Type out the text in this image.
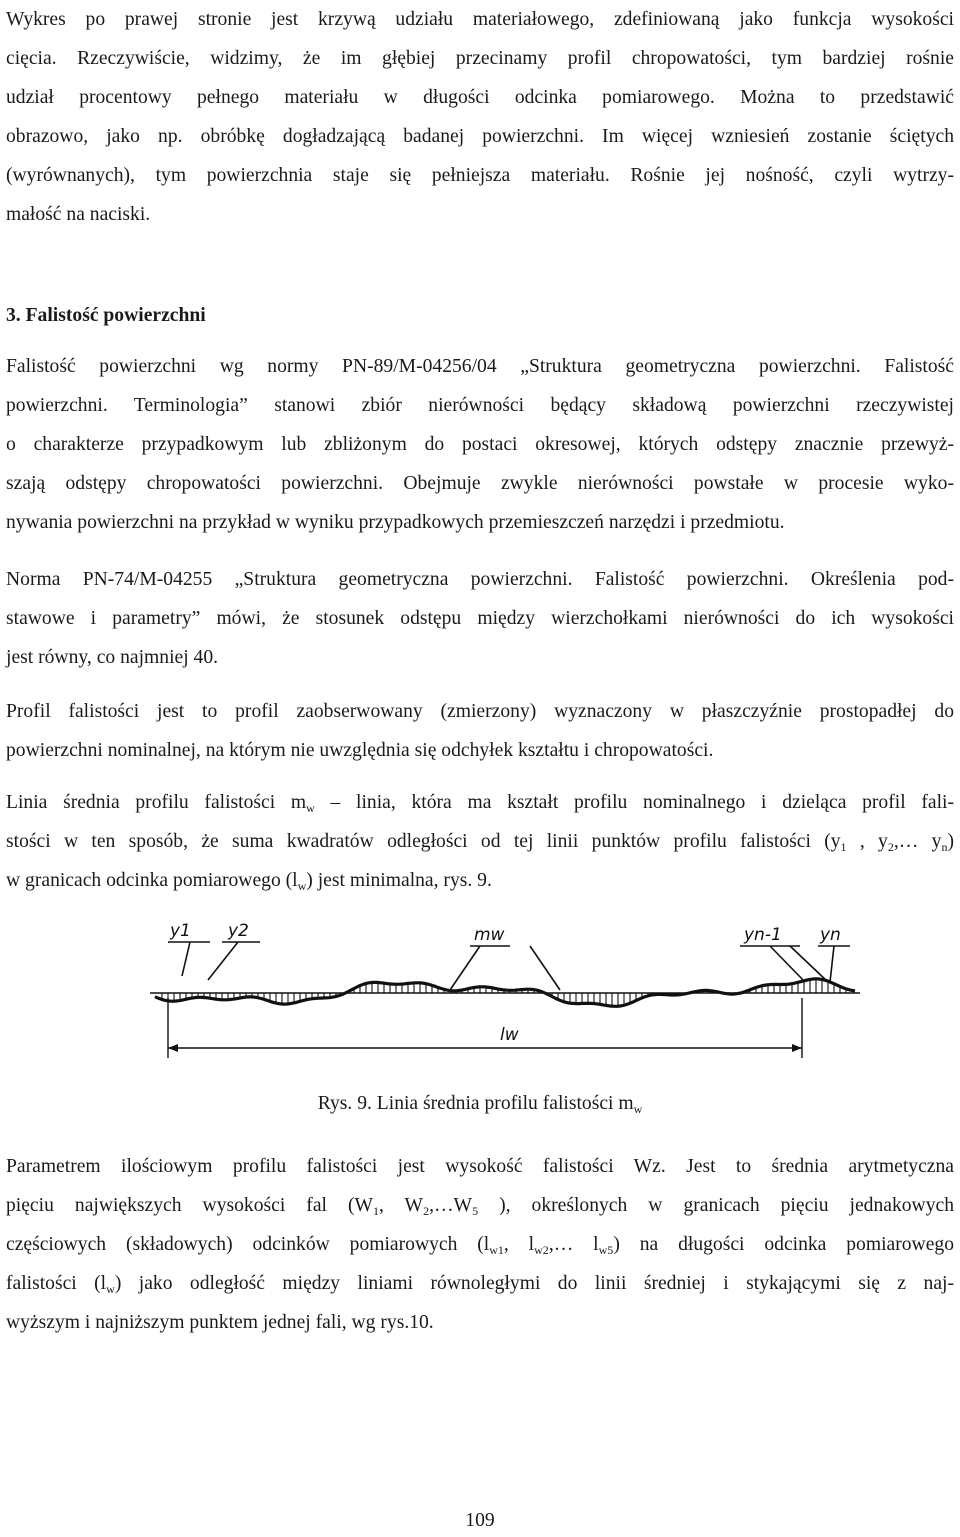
Wykres po prawej stronie jest krzywą udziału materiałowego, zdefiniowaną jako funkcja wysokości
cięcia. Rzeczywiście, widzimy, że im głębiej przecinamy profil chropowatości, tym bardziej rośnie
udział procentowy pełnego materiału w długości odcinka pomiarowego. Można to przedstawić
obrazowo, jako np. obróbkę dogładzającą badanej powierzchni. Im więcej wzniesień zostanie ściętych
(wyrównanych), tym powierzchnia staje się pełniejsza materiału. Rośnie jej nośność, czyli wytrzy-
małość na naciski.
3. Falistość powierzchni
Falistość powierzchni wg normy PN-89/M-04256/04 „Struktura geometryczna powierzchni. Falistość
powierzchni. Terminologia” stanowi zbiór nierówności będący składową powierzchni rzeczywistej
o charakterze przypadkowym lub zbliżonym do postaci okresowej, których odstępy znacznie przewyż-
szają odstępy chropowatości powierzchni. Obejmuje zwykle nierówności powstałe w procesie wyko-
nywania powierzchni na przykład w wyniku przypadkowych przemieszczeń narzędzi i przedmiotu.
Norma PN-74/M-04255 „Struktura geometryczna powierzchni. Falistość powierzchni. Określenia pod-
stawowe i parametry” mówi, że stosunek odstępu między wierzchołkami nierówności do ich wysokości
jest równy, co najmniej 40.
Profil falistości jest to profil zaobserwowany (zmierzony) wyznaczony w płaszczyźnie prostopadłej do
powierzchni nominalnej, na którym nie uwzględnia się odchyłek kształtu i chropowatości.
Linia średnia profilu falistości $m_w$ – linia, która ma kształt profilu nominalnego i dzieląca profil fali-
stości w ten sposób, że suma kwadratów odległości od tej linii punktów profilu falistości ($y_1$ , $y_2,\dots$ $y_n$)
w granicach odcinka pomiarowego $(l_w)$ jest minimalna, rys. 9.
y1 y2	mw	yn-1 yn
lw

Rys. 9. Linia średnia profilu falistości $m_w$

Parametrem ilościowym profilu falistości jest wysokość falistości Wz. Jest to średnia arytmetyczna
pięciu największych wysokości fal ($W_1$, $W_2,\dots W_5$ ), określonych w granicach pięciu jednakowych
częściowych (składowych) odcinków pomiarowych ($l_{w1}$, $l_{w2},\dots$ $l_{w5}$) na długości odcinka pomiarowego
falistości $(l_w)$ jako odległość między liniami równoległymi do linii średniej i stykającymi się z naj-
wyższym i najniższym punktem jednej fali, wg rys.10.
109
